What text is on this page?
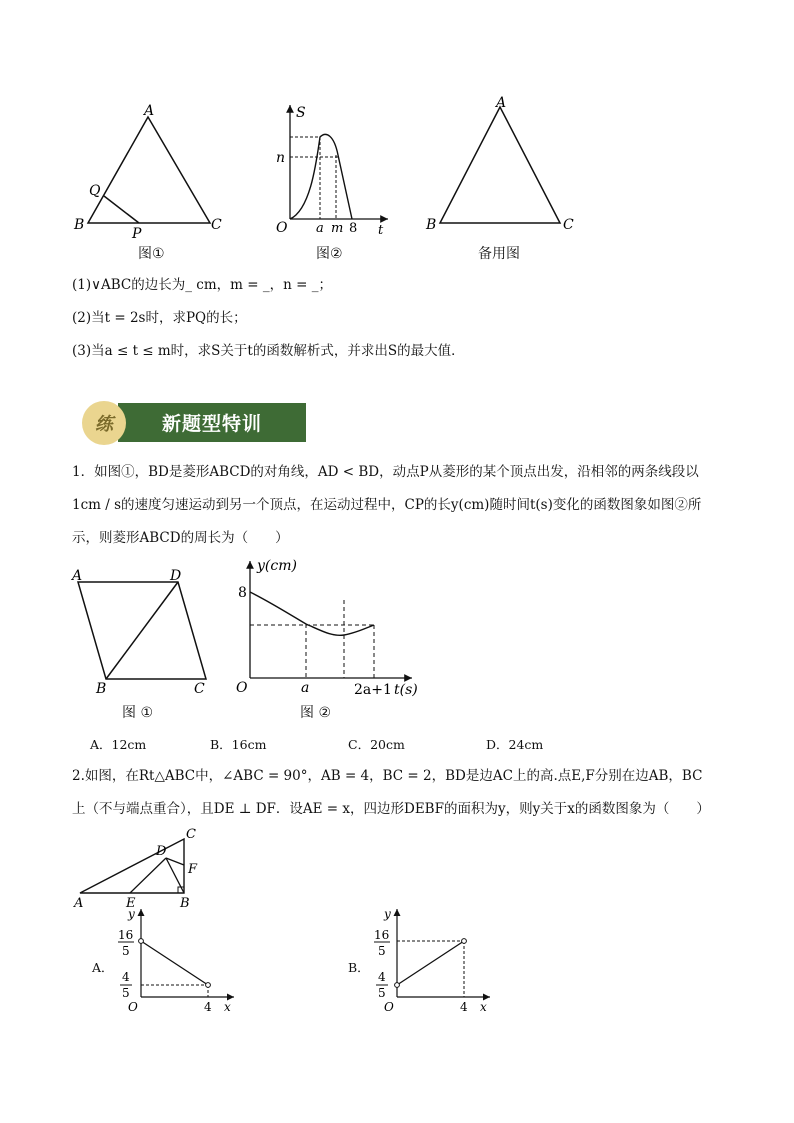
A
B	C
Q
P
图①
S
n
O a m 8 t
图②
A
B	C
备用图
(1)∨ABC的边长为_ cm，m = _，n = _；
(2)当t = 2s时，求PQ的长；
(3)当a ≤ t ≤ m时，求S关于t的函数解析式，并求出S的最大值．
新题型特训
练
1．如图①，BD是菱形ABCD的对角线，AD < BD，动点P从菱形的某个顶点出发，沿相邻的两条线段以
1cm / s的速度匀速运动到另一个顶点，在运动过程中，CP的长y(cm)随时间t(s)变化的函数图象如图②所
示，则菱形ABCD的周长为（　　）
A	D
B	C
图 ①
y(cm)
8
O	a	2a+1 t(s)
图 ②
A．12cm	B．16cm	C．20cm	D．24cm
2.如图，在Rt△ABC中，∠ABC = 90°，AB = 4，BC = 2，BD是边AC上的高.点E,F分别在边AB，BC
上（不与端点重合），且DE ⊥ DF．设AE = x，四边形DEBF的面积为y，则y关于x的函数图象为（　　）
A	E	B
C
D
F
A．
y
16
5
4
5
O	4 x
B．
y
16
5
4
5
O	4 x
